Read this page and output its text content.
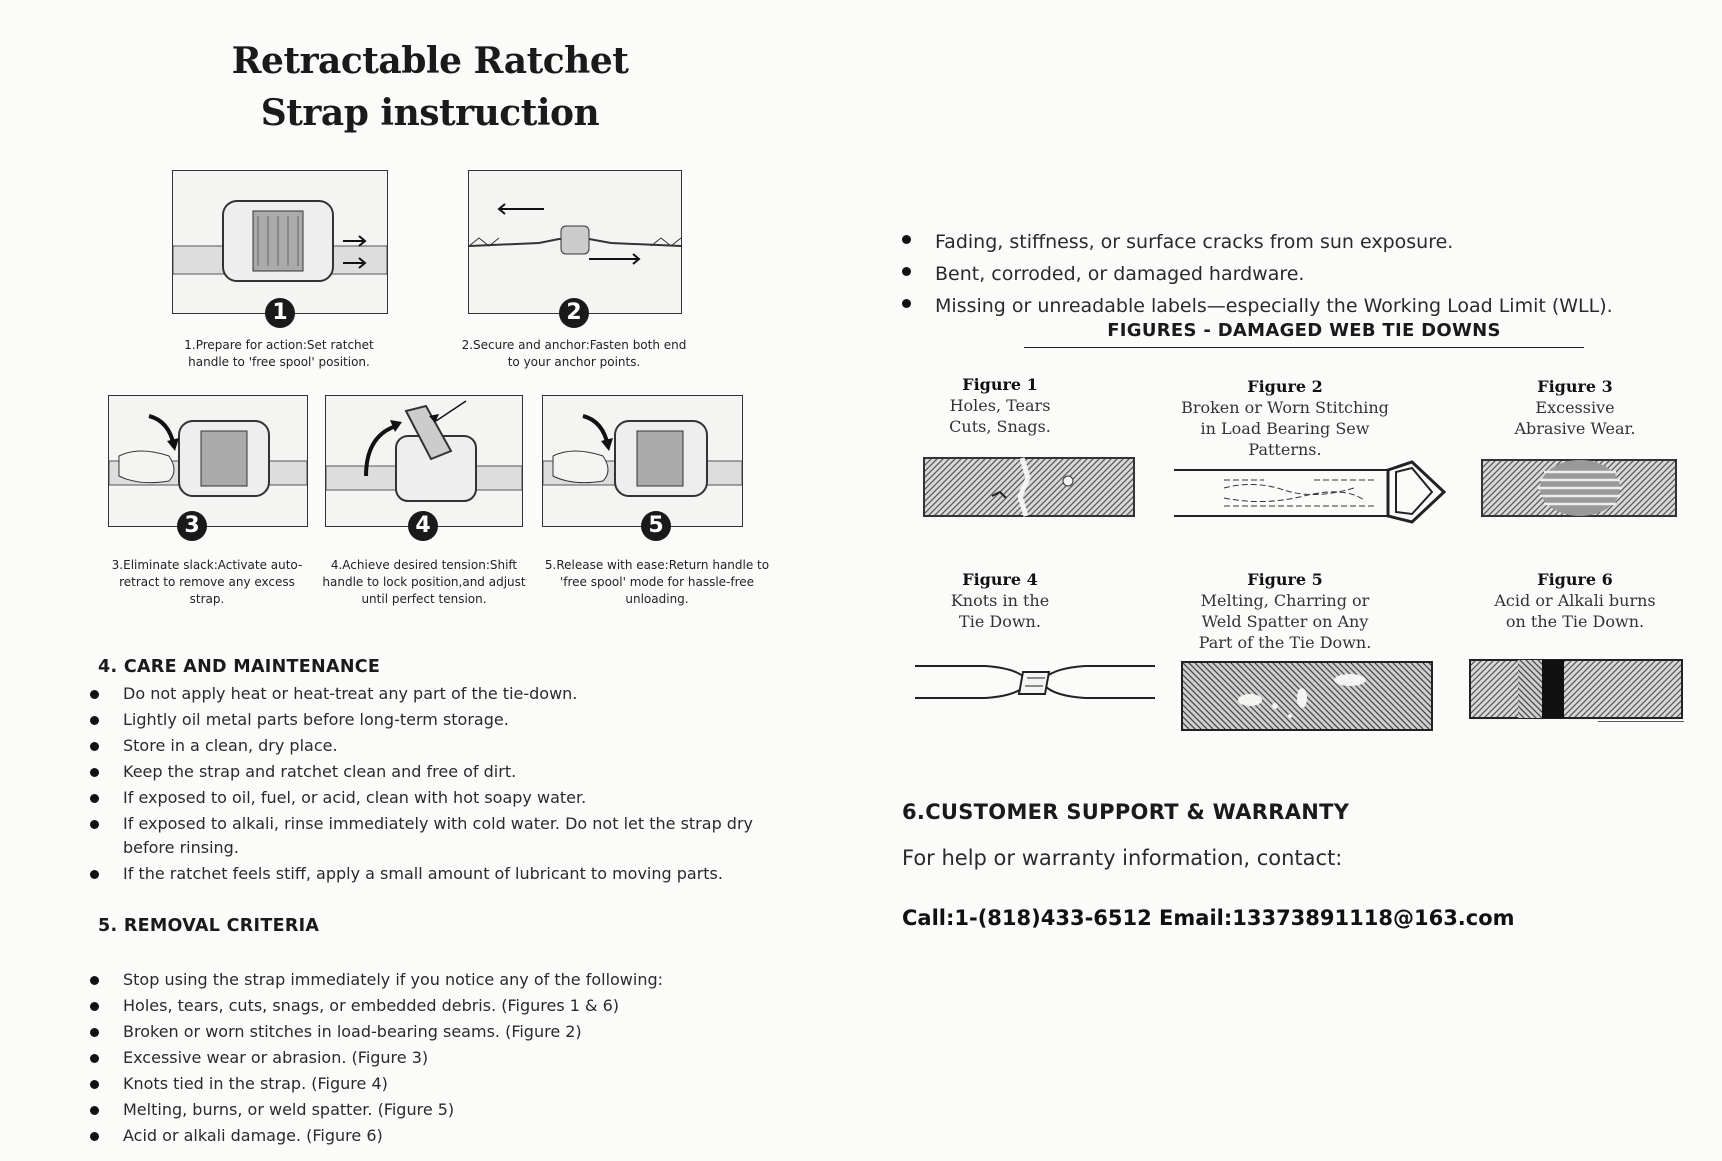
Retractable Ratchet
Strap instruction
1
1.Prepare for action:Set ratchet handle to 'free spool' position.
2
2.Secure and anchor:Fasten both end to your anchor points.
3
3.Eliminate slack:Activate auto-retract to remove any excess strap.
4
4.Achieve desired tension:Shift handle to lock position,and adjust until perfect tension.
5
5.Release with ease:Return handle to 'free spool' mode for hassle-free unloading.
4. CARE AND MAINTENANCE
Do not apply heat or heat-treat any part of the tie-down.
Lightly oil metal parts before long-term storage.
Store in a clean, dry place.
Keep the strap and ratchet clean and free of dirt.
If exposed to oil, fuel, or acid, clean with hot soapy water.
If exposed to alkali, rinse immediately with cold water. Do not let the strap dry before rinsing.
If the ratchet feels stiff, apply a small amount of lubricant to moving parts.
5. REMOVAL CRITERIA
Stop using the strap immediately if you notice any of the following:
Holes, tears, cuts, snags, or embedded debris. (Figures 1 & 6)
Broken or worn stitches in load-bearing seams. (Figure 2)
Excessive wear or abrasion. (Figure 3)
Knots tied in the strap. (Figure 4)
Melting, burns, or weld spatter. (Figure 5)
Acid or alkali damage. (Figure 6)
Fading, stiffness, or surface cracks from sun exposure.
Bent, corroded, or damaged hardware.
Missing or unreadable labels—especially the Working Load Limit (WLL).
FIGURES - DAMAGED WEB TIE DOWNS
Figure 1
Holes, Tears
Cuts, Snags.
Figure 2
Broken or Worn Stitching
in Load Bearing Sew
Patterns.
Figure 3
Excessive
Abrasive Wear.
Figure 4
Knots in the
Tie Down.
Figure 5
Melting, Charring or
Weld Spatter on Any
Part of the Tie Down.
Figure 6
Acid or Alkali burns
on the Tie Down.
6.CUSTOMER SUPPORT & WARRANTY
For help or warranty information, contact:
Call:1-(818)433-6512 Email:13373891118@163.com
